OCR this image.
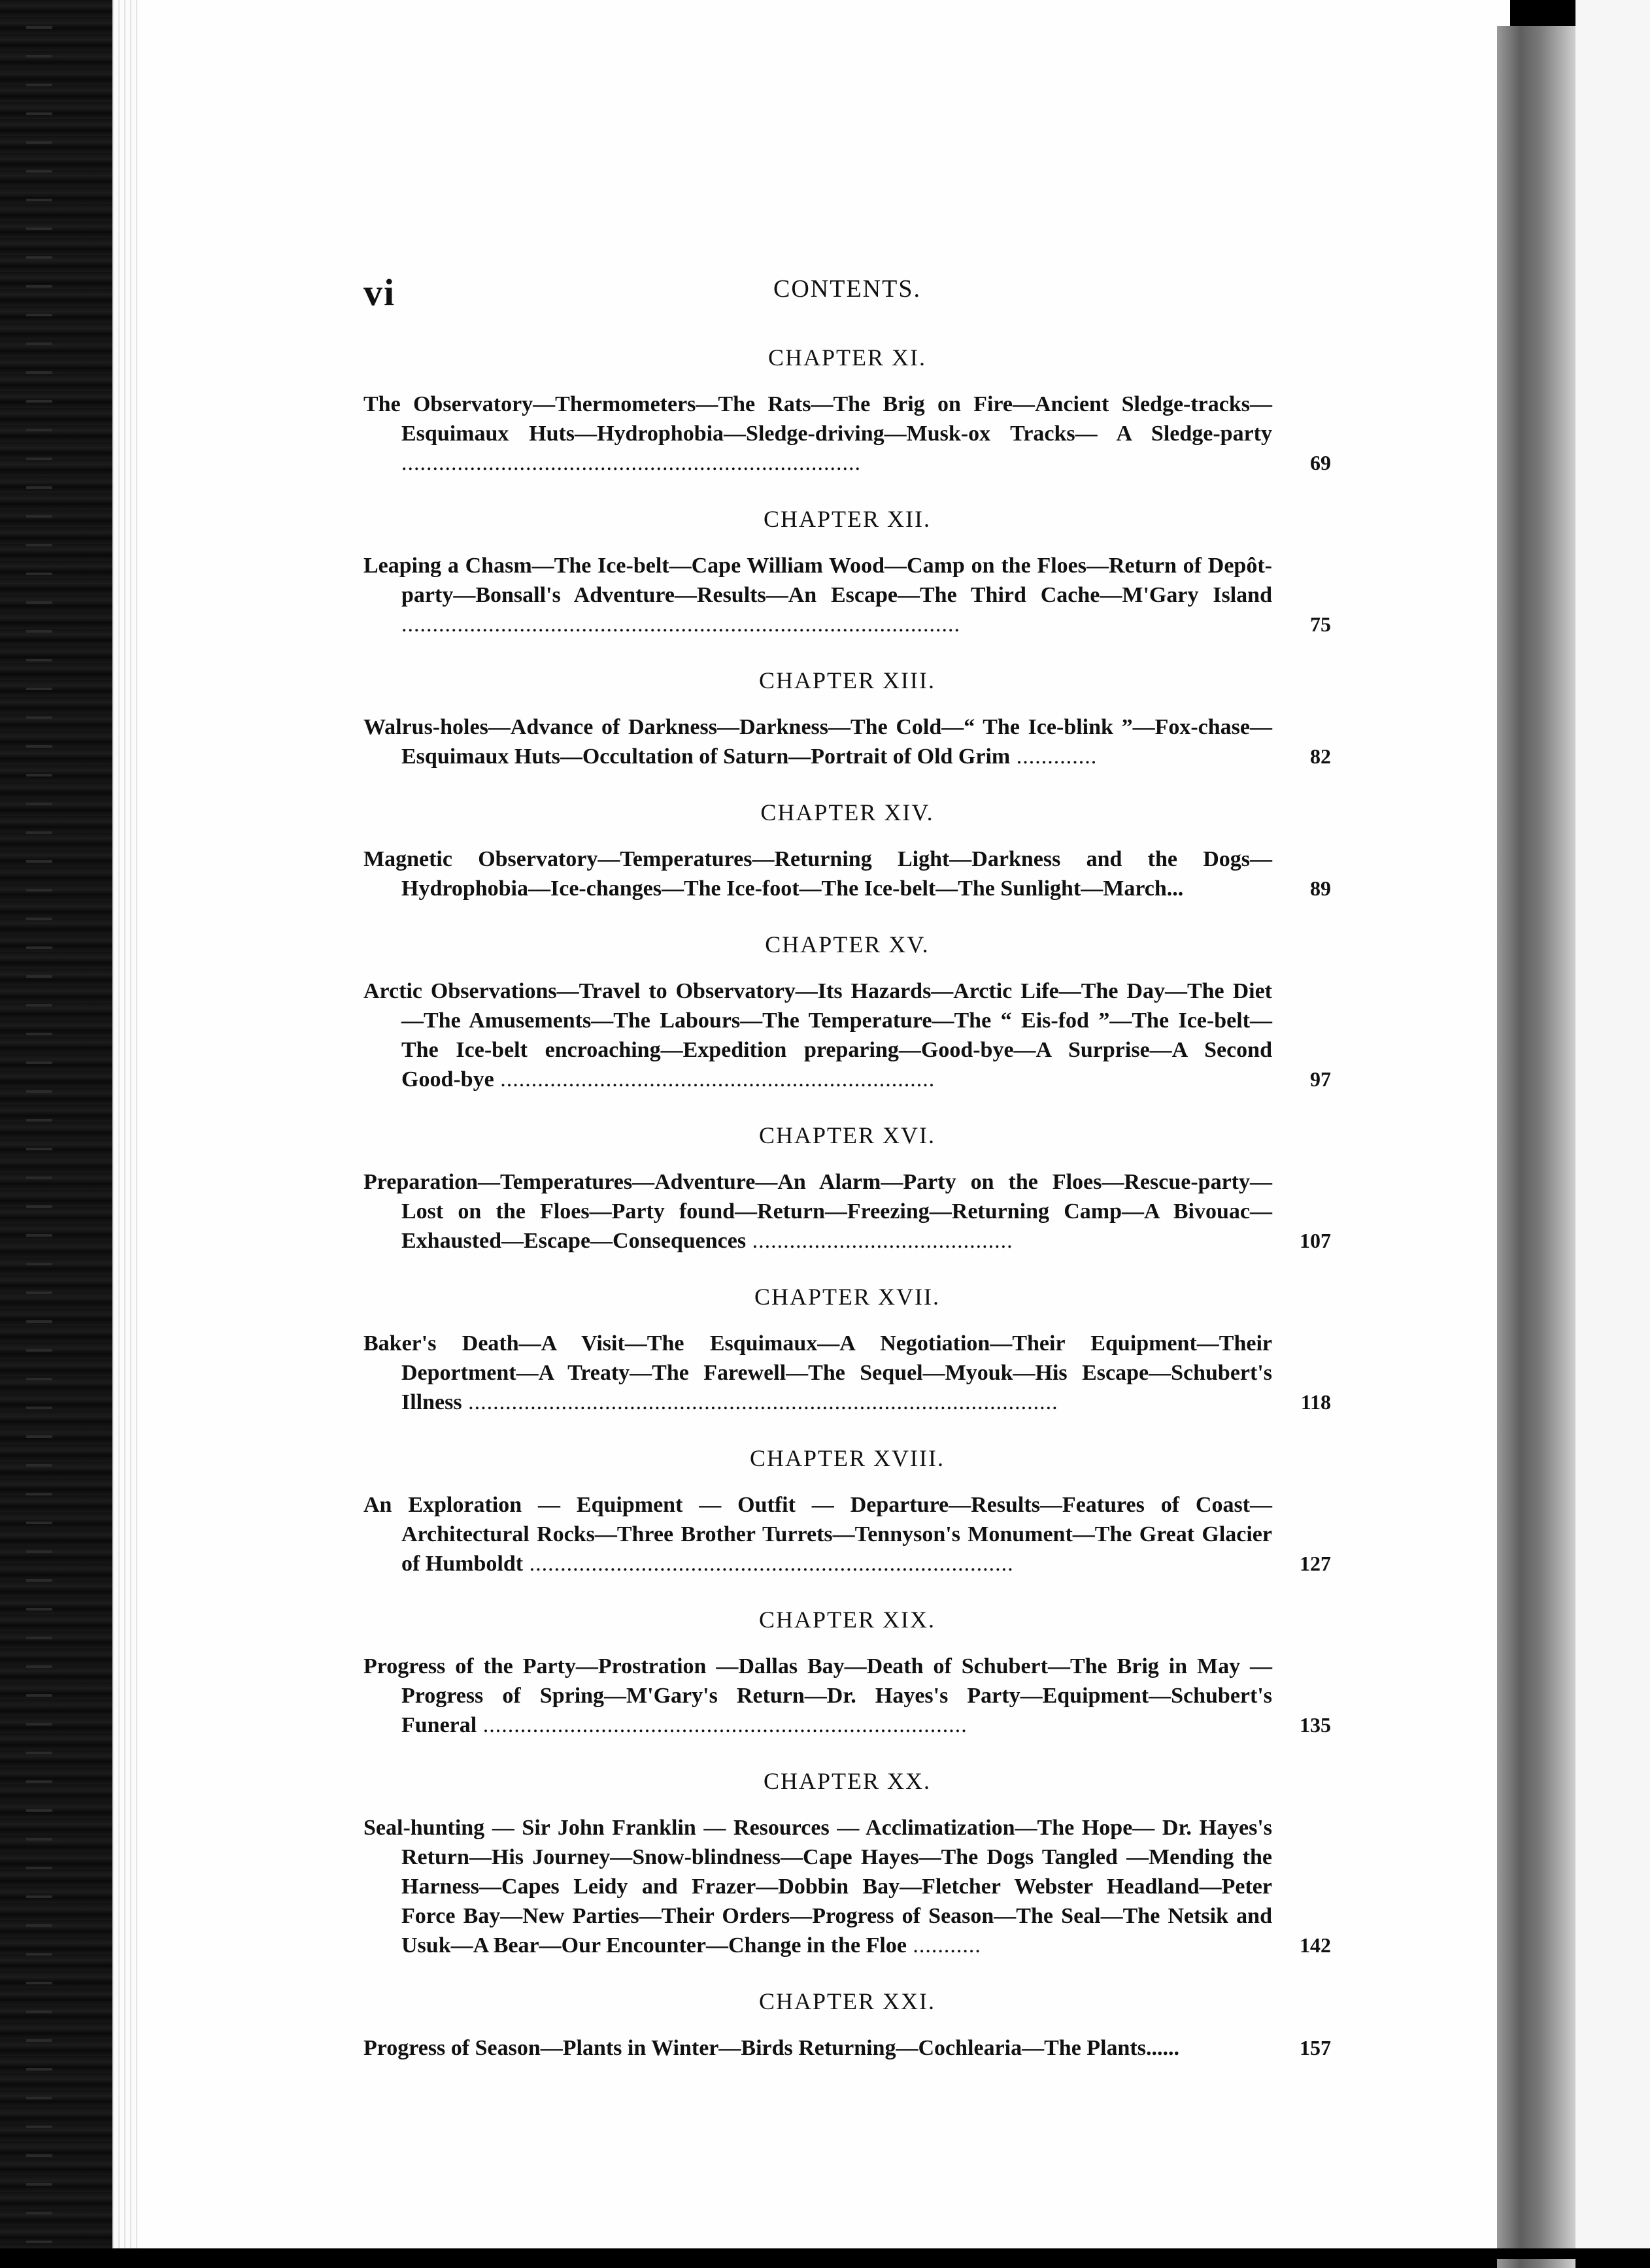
vi	CONTENTS.
CHAPTER XI.
The Observatory—Thermometers—The Rats—The Brig on Fire—Ancient Sledge-tracks—Esquimaux Huts—Hydrophobia—Sledge-driving—Musk-ox Tracks— A Sledge-party ..........................................................................	69
CHAPTER XII.
Leaping a Chasm—The Ice-belt—Cape William Wood—Camp on the Floes—Return of Depôt-party—Bonsall's Adventure—Results—An Escape—The Third Cache—M'Gary Island ..........................................................................................	75
CHAPTER XIII.
Walrus-holes—Advance of Darkness—Darkness—The Cold—“ The Ice-blink ”—Fox-chase—Esquimaux Huts—Occultation of Saturn—Portrait of Old Grim .............	82
CHAPTER XIV.
Magnetic Observatory—Temperatures—Returning Light—Darkness and the Dogs—Hydrophobia—Ice-changes—The Ice-foot—The Ice-belt—The Sunlight—March...	89
CHAPTER XV.
Arctic Observations—Travel to Observatory—Its Hazards—Arctic Life—The Day—The Diet—The Amusements—The Labours—The Temperature—The “ Eis-fod ”—The Ice-belt—The Ice-belt encroaching—Expedition preparing—Good-bye—A Surprise—A Second Good-bye ......................................................................	97
CHAPTER XVI.
Preparation—Temperatures—Adventure—An Alarm—Party on the Floes—Rescue-party—Lost on the Floes—Party found—Return—Freezing—Returning Camp—A Bivouac—Exhausted—Escape—Consequences ..........................................	107
CHAPTER XVII.
Baker's Death—A Visit—The Esquimaux—A Negotiation—Their Equipment—Their Deportment—A Treaty—The Farewell—The Sequel—Myouk—His Escape—Schubert's Illness ...............................................................................................	118
CHAPTER XVIII.
An Exploration — Equipment — Outfit — Departure—Results—Features of Coast—Architectural Rocks—Three Brother Turrets—Tennyson's Monument—The Great Glacier of Humboldt ..............................................................................	127
CHAPTER XIX.
Progress of the Party—Prostration —Dallas Bay—Death of Schubert—The Brig in May —Progress of Spring—M'Gary's Return—Dr. Hayes's Party—Equipment—Schubert's Funeral ..............................................................................	135
CHAPTER XX.
Seal-hunting — Sir John Franklin — Resources — Acclimatization—The Hope— Dr. Hayes's Return—His Journey—Snow-blindness—Cape Hayes—The Dogs Tangled —Mending the Harness—Capes Leidy and Frazer—Dobbin Bay—Fletcher Webster Headland—Peter Force Bay—New Parties—Their Orders—Progress of Season—The Seal—The Netsik and Usuk—A Bear—Our Encounter—Change in the Floe ...........	142
CHAPTER XXI.
Progress of Season—Plants in Winter—Birds Returning—Cochlearia—The Plants......	157
